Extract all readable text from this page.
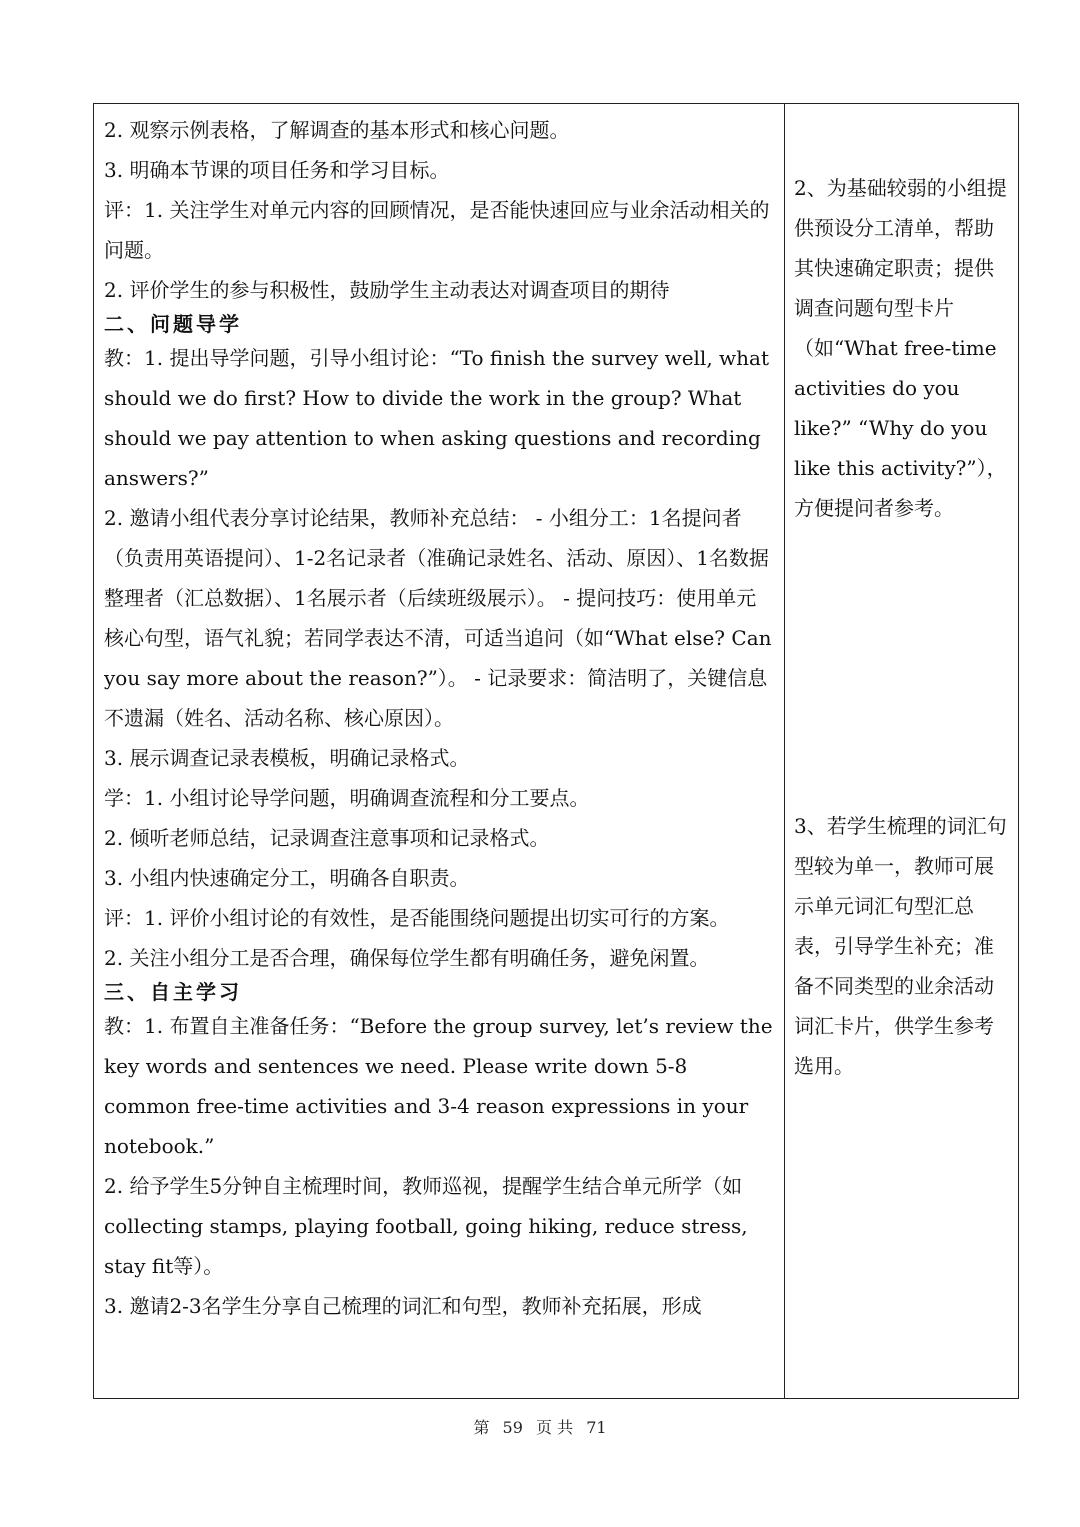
2. 观察示例表格，了解调查的基本形式和核心问题。

3. 明确本节课的项目任务和学习目标。

评：1. 关注学生对单元内容的回顾情况，是否能快速回应与业余活动相关的问题。

2. 评价学生的参与积极性，鼓励学生主动表达对调查项目的期待

二、问题导学

教：1. 提出导学问题，引导小组讨论：“To finish the survey well, what should we do first? How to divide the work in the group? What should we pay attention to when asking questions and recording answers?”

2. 邀请小组代表分享讨论结果，教师补充总结： - 小组分工：1名提问者（负责用英语提问）、1-2名记录者（准确记录姓名、活动、原因）、1名数据整理者（汇总数据）、1名展示者（后续班级展示）。 - 提问技巧：使用单元核心句型，语气礼貌；若同学表达不清，可适当追问（如“What else? Can you say more about the reason?”）。 - 记录要求：简洁明了，关键信息不遗漏（姓名、活动名称、核心原因）。

3. 展示调查记录表模板，明确记录格式。

学：1. 小组讨论导学问题，明确调查流程和分工要点。

2. 倾听老师总结，记录调查注意事项和记录格式。

3. 小组内快速确定分工，明确各自职责。

评：1. 评价小组讨论的有效性，是否能围绕问题提出切实可行的方案。

2. 关注小组分工是否合理，确保每位学生都有明确任务，避免闲置。

三、自主学习

教：1. 布置自主准备任务：“Before the group survey, let’s review the key words and sentences we need. Please write down 5-8 common free-time activities and 3-4 reason expressions in your notebook.”

2. 给予学生5分钟自主梳理时间，教师巡视，提醒学生结合单元所学（如 collecting stamps, playing football, going hiking, reduce stress, stay fit等）。

3. 邀请2-3名学生分享自己梳理的词汇和句型，教师补充拓展，形成

2、为基础较弱的小组提供预设分工清单，帮助其快速确定职责；提供调查问题句型卡片（如“What free-time activities do you like?” “Why do you like this activity?”），方便提问者参考。
3、若学生梳理的词汇句型较为单一，教师可展示单元词汇句型汇总表，引导学生补充；准备不同类型的业余活动词汇卡片，供学生参考选用。
第 59 页 共 71
